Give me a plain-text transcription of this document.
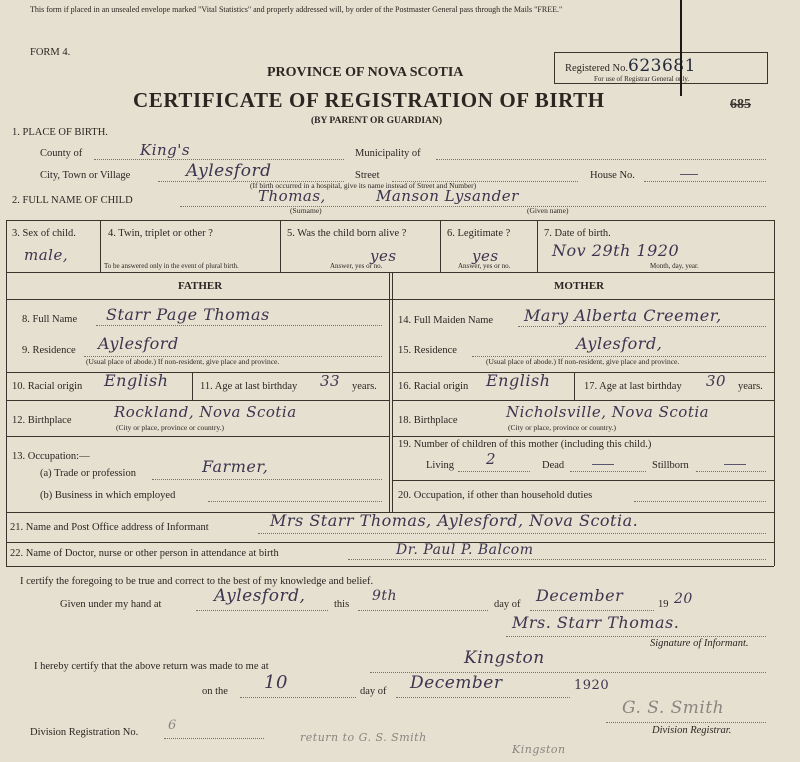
This form if placed in an unsealed envelope marked "Vital Statistics" and properly addressed will, by order of the Postmaster General pass through the Mails "FREE."
FORM 4.
Registered No. 623681
For use of Registrar General only.
685
PROVINCE OF NOVA SCOTIA
CERTIFICATE OF REGISTRATION OF BIRTH
(BY PARENT OR GUARDIAN)
1. PLACE OF BIRTH.
County of	King's	Municipality of
City, Town or Village	Aylesford	Street
(If birth occurred in a hospital, give its name instead of Street and Number)
House No.
2. FULL NAME OF CHILD	Thomas,	Manson Lysander
(Surname)	(Given name)
3. Sex of child.
male,
4. Twin, triplet or other ?
To be answered only in the event of plural birth.
5. Was the child born alive ?
yes
Answer, yes or no.
6. Legitimate ?
yes
Answer, yes or no.
7. Date of birth.
Nov 29th 1920
Month, day, year.
FATHER	MOTHER
8. Full Name Starr Page Thomas
9. Residence Aylesford
(Usual place of abode.) If non-resident, give place and province.
10. Racial origin English	11. Age at last birthday 33 years.
12. Birthplace	Rockland, Nova Scotia
(City or place, province or country.)
13. Occupation:—
(a) Trade or profession	Farmer,
(b) Business in which employed
14. Full Maiden Name Mary Alberta Creemer,
15. Residence	Aylesford,
(Usual place of abode.) If non-resident, give place and province.
16. Racial origin English	17. Age at last birthday 30 years.
18. Birthplace	Nicholsville, Nova Scotia
(City or place, province or country.)
19. Number of children of this mother (including this child.)
Living 2	Dead	Stillborn
20. Occupation, if other than household duties
21. Name and Post Office address of Informant	Mrs Starr Thomas, Aylesford, Nova Scotia.
22. Name of Doctor, nurse or other person in attendance at birth	Dr. Paul P. Balcom
I certify the foregoing to be true and correct to the best of my knowledge and belief.
Given under my hand at	Aylesford,	this
9th
day of December	19 20
Mrs. Starr Thomas.
Signature of Informant.
I hereby certify that the above return was made to me at	Kingston
on the 10	day of December	1920
Division Registration No. 6
return to G. S. Smith
Kingston
G. S. Smith
Division Registrar.
